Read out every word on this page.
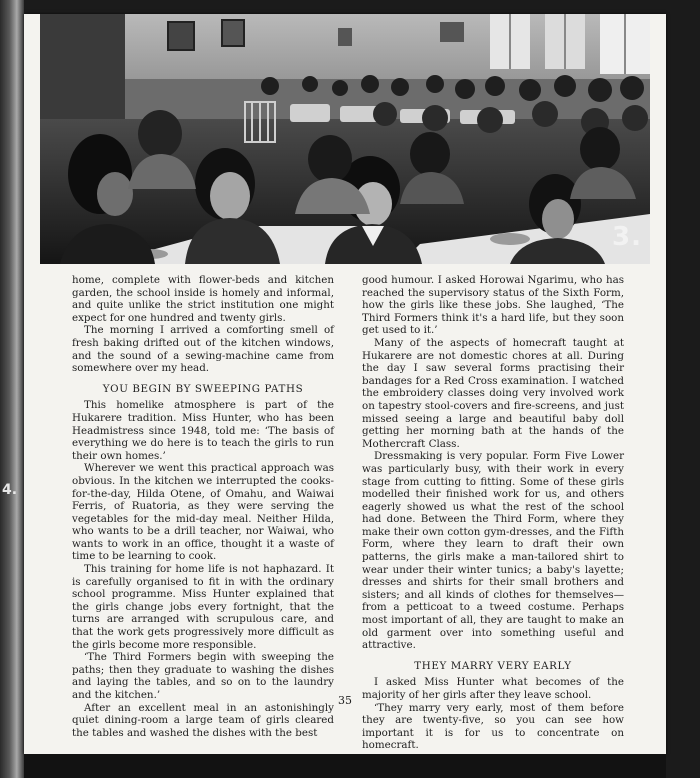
4.
3.

home, complete with flower-beds and kitchen garden, the school inside is homely and informal, and quite unlike the strict institution one might expect for one hundred and twenty girls.

The morning I arrived a comforting smell of fresh baking drifted out of the kitchen windows, and the sound of a sewing-machine came from somewhere over my head.

YOU BEGIN BY SWEEPING PATHS

This homelike atmosphere is part of the Hukarere tradition. Miss Hunter, who has been Headmistress since 1948, told me: ‘The basis of everything we do here is to teach the girls to run their own homes.’

Wherever we went this practical approach was obvious. In the kitchen we interrupted the cooks-for-the-day, Hilda Otene, of Omahu, and Waiwai Ferris, of Ruatoria, as they were serving the vegetables for the mid-day meal. Neither Hilda, who wants to be a drill teacher, nor Waiwai, who wants to work in an office, thought it a waste of time to be learning to cook.

This training for home life is not haphazard. It is carefully organised to fit in with the ordinary school programme. Miss Hunter explained that the girls change jobs every fortnight, that the turns are arranged with scrupulous care, and that the work gets progressively more difficult as the girls become more responsible.

‘The Third Formers begin with sweeping the paths; then they graduate to washing the dishes and laying the tables, and so on to the laundry and the kitchen.’

After an excellent meal in an astonishingly quiet dining-room a large team of girls cleared the tables and washed the dishes with the best

good humour. I asked Horowai Ngarimu, who has reached the supervisory status of the Sixth Form, how the girls like these jobs. She laughed, ‘The Third Formers think it's a hard life, but they soon get used to it.’

Many of the aspects of homecraft taught at Hukarere are not domestic chores at all. During the day I saw several forms practising their bandages for a Red Cross examination. I watched the embroidery classes doing very involved work on tapestry stool-covers and fire-screens, and just missed seeing a large and beautiful baby doll getting her morning bath at the hands of the Mothercraft Class.

Dressmaking is very popular. Form Five Lower was particularly busy, with their work in every stage from cutting to fitting. Some of these girls modelled their finished work for us, and others eagerly showed us what the rest of the school had done. Between the Third Form, where they make their own cotton gym-dresses, and the Fifth Form, where they learn to draft their own patterns, the girls make a man-tailored shirt to wear under their winter tunics; a baby's layette; dresses and shirts for their small brothers and sisters; and all kinds of clothes for themselves—from a petticoat to a tweed costume. Perhaps most important of all, they are taught to make an old garment over into something useful and attractive.

THEY MARRY VERY EARLY

I asked Miss Hunter what becomes of the majority of her girls after they leave school.

‘They marry very early, most of them before they are twenty-five, so you can see how important it is for us to concentrate on homecraft.

35
